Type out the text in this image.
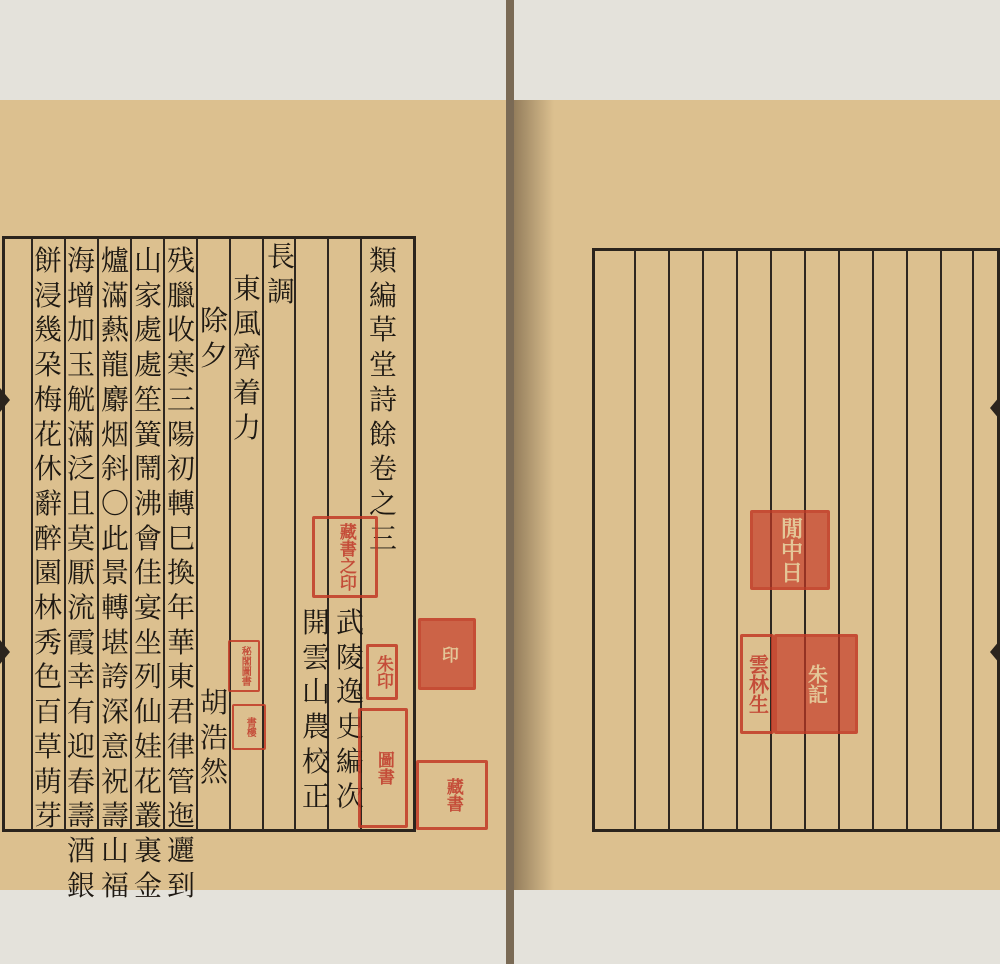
類
編
草
堂
詩
餘
卷
之
三
武
陵
逸
史
編
次
開
雲
山
農
校
正
長
調
東
風
齊
着
力
除
夕
胡
浩
然
残
臘
收
寒
三
陽
初
轉
巳
換
年
華
東
君
律
管
迤
邐
到
山
家
處
處
笙
簧
鬧
沸
會
佳
宴
坐
列
仙
娃
花
叢
裏
金
爐
滿
爇
龍
麝
烟
斜
〇
此
景
轉
堪
誇
深
意
祝
壽
山
福
海
增
加
玉
觥
滿
泛
且
莫
厭
流
霞
幸
有
迎
春
壽
酒
銀
餅
浸
幾
朶
梅
花
休
辭
醉
園
林
秀
色
百
草
萌
芽
藏書之印
秘閣圖書
書樓
朱印
印
圖書
藏書
閒中日
雲林生	朱記
